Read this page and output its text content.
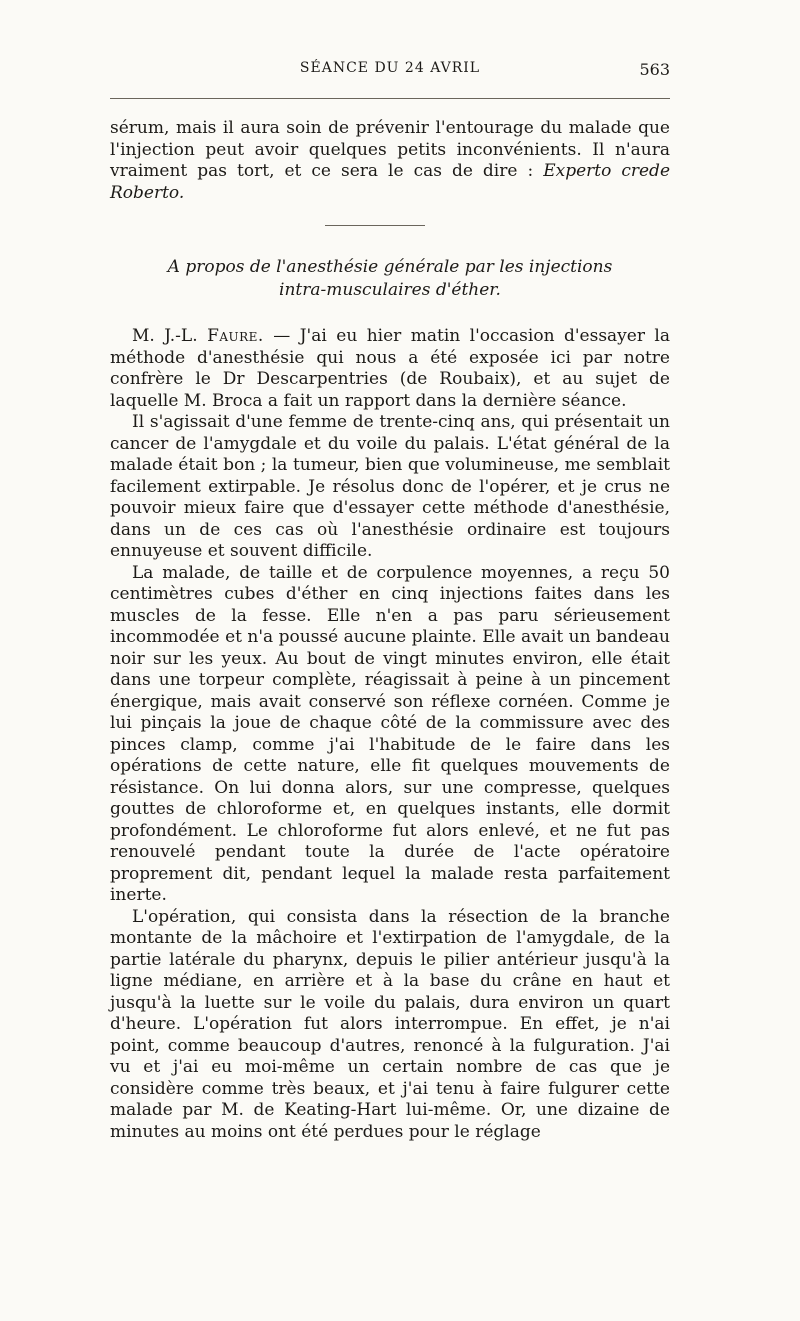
SÉANCE DU 24 AVRIL	563

sérum, mais il aura soin de prévenir l'entourage du malade que l'injection peut avoir quelques petits inconvénients. Il n'aura vraiment pas tort, et ce sera le cas de dire : Experto crede Roberto.

A propos de l'anesthésie générale par les injections
intra-musculaires d'éther.

M. J.-L. Faure. — J'ai eu hier matin l'occasion d'essayer la méthode d'anesthésie qui nous a été exposée ici par notre confrère le Dr Descarpentries (de Roubaix), et au sujet de laquelle M. Broca a fait un rapport dans la dernière séance.

Il s'agissait d'une femme de trente-cinq ans, qui présentait un cancer de l'amygdale et du voile du palais. L'état général de la malade était bon ; la tumeur, bien que volumineuse, me semblait facilement extirpable. Je résolus donc de l'opérer, et je crus ne pouvoir mieux faire que d'essayer cette méthode d'anesthésie, dans un de ces cas où l'anesthésie ordinaire est toujours ennuyeuse et souvent difficile.

La malade, de taille et de corpulence moyennes, a reçu 50 centimètres cubes d'éther en cinq injections faites dans les muscles de la fesse. Elle n'en a pas paru sérieusement incommodée et n'a poussé aucune plainte. Elle avait un bandeau noir sur les yeux. Au bout de vingt minutes environ, elle était dans une torpeur complète, réagissait à peine à un pincement énergique, mais avait conservé son réflexe cornéen. Comme je lui pinçais la joue de chaque côté de la commissure avec des pinces clamp, comme j'ai l'habitude de le faire dans les opérations de cette nature, elle fit quelques mouvements de résistance. On lui donna alors, sur une compresse, quelques gouttes de chloroforme et, en quelques instants, elle dormit profondément. Le chloroforme fut alors enlevé, et ne fut pas renouvelé pendant toute la durée de l'acte opératoire proprement dit, pendant lequel la malade resta parfaitement inerte.

L'opération, qui consista dans la résection de la branche montante de la mâchoire et l'extirpation de l'amygdale, de la partie latérale du pharynx, depuis le pilier antérieur jusqu'à la ligne médiane, en arrière et à la base du crâne en haut et jusqu'à la luette sur le voile du palais, dura environ un quart d'heure. L'opération fut alors interrompue. En effet, je n'ai point, comme beaucoup d'autres, renoncé à la fulguration. J'ai vu et j'ai eu moi-même un certain nombre de cas que je considère comme très beaux, et j'ai tenu à faire fulgurer cette malade par M. de Keating-Hart lui-même. Or, une dizaine de minutes au moins ont été perdues pour le réglage
